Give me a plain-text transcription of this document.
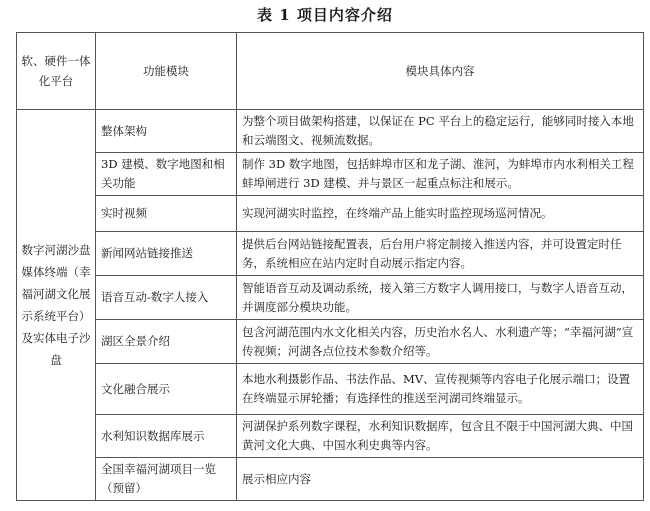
表 1 项目内容介绍
软、硬件一体化平台	功能模块	模块具体内容
数字河湖沙盘媒体终端（幸福河湖文化展示系统平台）及实体电子沙盘	整体架构	为整个项目做架构搭建，以保证在 PC 平台上的稳定运行，能够同时接入本地和云端图文、视频流数据。
	3D 建模、数字地图和相关功能	制作 3D 数字地图，包括蚌埠市区和龙子湖、淮河，为蚌埠市内水利相关工程蚌埠闸进行 3D 建模、并与景区一起重点标注和展示。
	实时视频	实现河湖实时监控，在终端产品上能实时监控现场巡河情况。
	新闻网站链接推送	提供后台网站链接配置表，后台用户将定制接入推送内容，并可设置定时任务，系统相应在站内定时自动展示指定内容。
	语音互动-数字人接入	智能语音互动及调动系统，接入第三方数字人调用接口，与数字人语音互动，并调度部分模块功能。
	湖区全景介绍	包含河湖范围内水文化相关内容，历史治水名人、水利遗产等；“幸福河湖”宣传视频；河湖各点位技术参数介绍等。
	文化融合展示	本地水利摄影作品、书法作品、MV、宣传视频等内容电子化展示端口；设置在终端显示屏轮播；有选择性的推送至河湖司终端显示。
	水利知识数据库展示	河湖保护系列数字课程，水利知识数据库，包含且不限于中国河湖大典、中国黄河文化大典、中国水利史典等内容。
	全国幸福河湖项目一览（预留）	展示相应内容
